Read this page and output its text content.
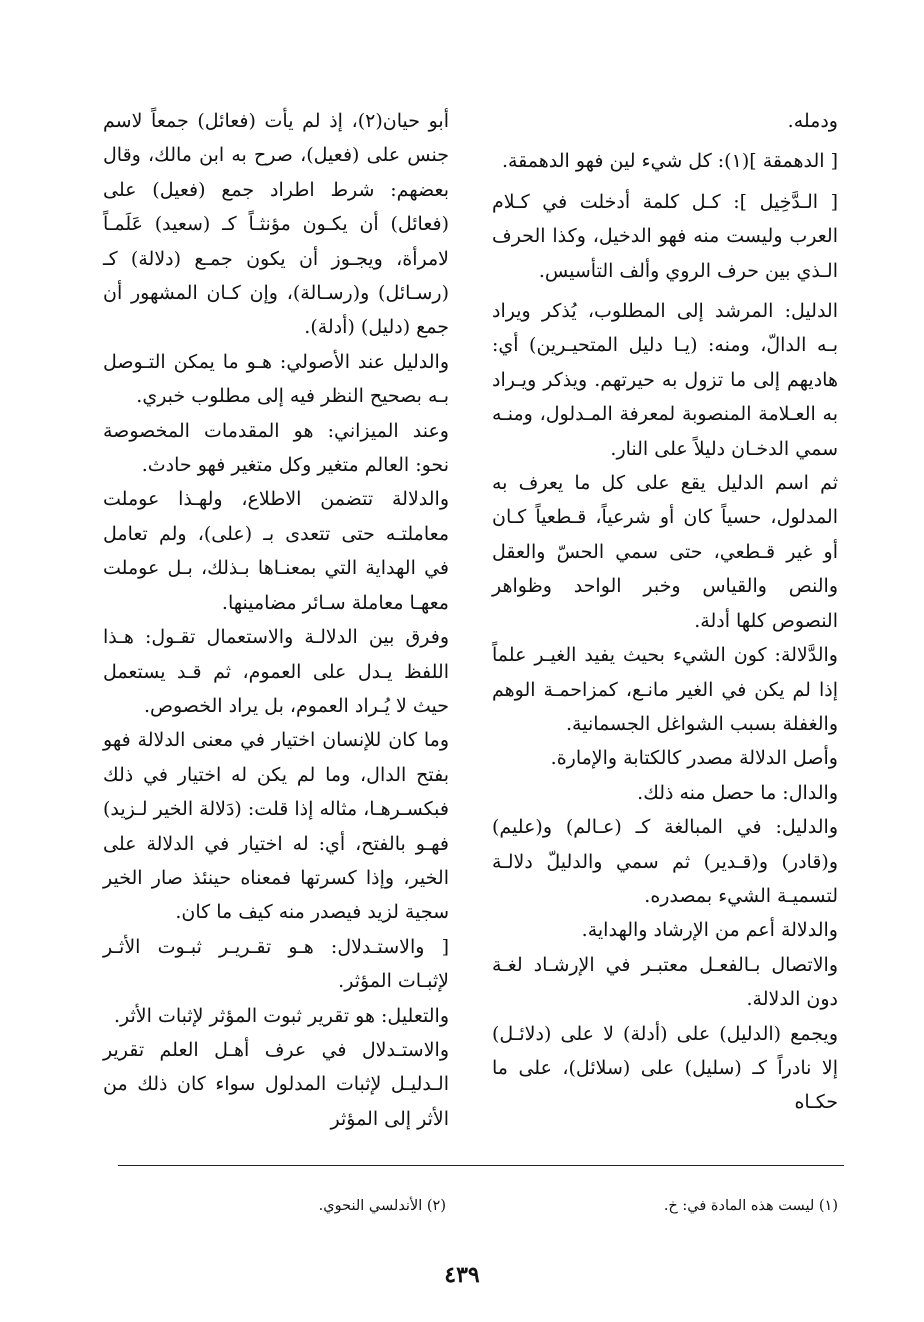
ودمله.

[ الدهمقة ](١): كل شيء لين فهو الدهمقة.

[ الـدَّخِيل ]: كـل كلمة أدخلت في كـلام العرب وليست منه فهو الدخيل، وكذا الحرف الـذي بين حرف الروي وألف التأسيس.

الدليل: المرشد إلى المطلوب، يُذكر ويراد بـه الدالّ، ومنه: (يـا دليل المتحيـرين) أي: هاديهم إلى ما تزول به حيرتهم. ويذكر ويـراد به العـلامة المنصوبة لمعرفة المـدلول، ومنـه سمي الدخـان دليلاً على النار.

ثم اسم الدليل يقع على كل ما يعرف به المدلول، حسياً كان أو شرعياً، قـطعياً كـان أو غير قـطعي، حتى سمي الحسّ والعقل والنص والقياس وخبر الواحد وظواهر النصوص كلها أدلة.

والدَّلالة: كون الشيء بحيث يفيد الغيـر علماً إذا لم يكن في الغير مانـع، كمزاحمـة الوهم والغفلة بسبب الشواغل الجسمانية.

وأصل الدلالة مصدر كالكتابة والإمارة.

والدال: ما حصل منه ذلك.

والدليل: في المبالغة كـ (عـالم) و(عليم) و(قادر) و(قـدير) ثم سمي والدليلّ دلالـة لتسميـة الشيء بمصدره.

والدلالة أعم من الإرشاد والهداية.

والاتصال بـالفعـل معتبـر في الإرشـاد لغـة دون الدلالة.

ويجمع (الدليل) على (أدلة) لا على (دلائـل) إلا نادراً كـ (سليل) على (سلائل)، على ما حكـاه

أبو حيان(٢)، إذ لم يأت (فعائل) جمعاً لاسم جنس على (فعيل)، صرح به ابن مالك، وقال بعضهم: شرط اطراد جمع (فعيل) على (فعائل) أن يكـون مؤنثـاً كـ (سعيد) عَلَمـاً لامرأة، ويجـوز أن يكون جمـع (دلالة) كـ (رسـائل) و(رسـالة)، وإن كـان المشهور أن جمع (دليل) (أدلة).

والدليل عند الأصولي: هـو ما يمكن التـوصل بـه بصحيح النظر فيه إلى مطلوب خبري.

وعند الميزاني: هو المقدمات المخصوصة نحو: العالم متغير وكل متغير فهو حادث.

والدلالة تتضمن الاطلاع، ولهـذا عوملت معاملتـه حتى تتعدى بـ (على)، ولم تعامل في الهداية التي بمعنـاها بـذلك، بـل عوملت معهـا معاملة سـائر مضامينها.

وفرق بين الدلالـة والاستعمال تقـول: هـذا اللفظ يـدل على العموم، ثم قـد يستعمل حيث لا يُـراد العموم، بل يراد الخصوص.

وما كان للإنسان اختيار في معنى الدلالة فهو بفتح الدال، وما لم يكن له اختيار في ذلك فبكسـرهـا، مثاله إذا قلت: (دَلالة الخير لـزيد) فهـو بالفتح، أي: له اختيار في الدلالة على الخير، وإذا كسرتها فمعناه حينئذ صار الخير سجية لزيد فيصدر منه كيف ما كان.

[ والاستـدلال: هـو تقـريـر ثبـوت الأثـر لإثبـات المؤثر.

والتعليل: هو تقرير ثبوت المؤثر لإثبات الأثر.

والاستـدلال في عرف أهـل العلم تقرير الـدليـل لإثبات المدلول سواء كان ذلك من الأثر إلى المؤثر

(١) ليست هذه المادة في: خ.
(٢) الأندلسي النحوي.
٤٣٩
